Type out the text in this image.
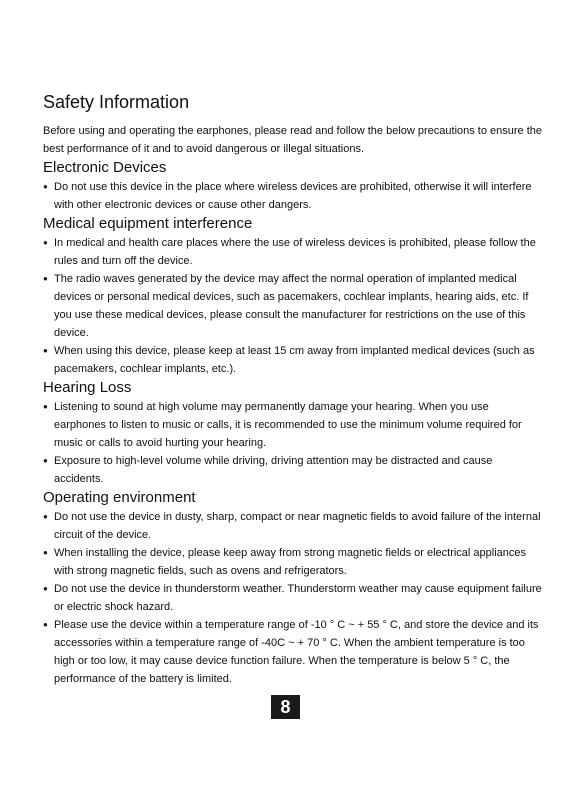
Safety Information

Before using and operating the earphones, please read and follow the below precautions to ensure the best performance of it and to avoid dangerous or illegal situations.

Electronic Devices
● Do not use this device in the place where wireless devices are prohibited, otherwise it will interfere with other electronic devices or cause other dangers.
Medical equipment interference
● In medical and health care places where the use of wireless devices is prohibited, please follow the rules and turn off the device.
● The radio waves generated by the device may affect the normal operation of implanted medical devices or personal medical devices, such as pacemakers, cochlear implants, hearing aids, etc. If you use these medical devices, please consult the manufacturer for restrictions on the use of this device.
● When using this device, please keep at least 15 cm away from implanted medical devices (such as pacemakers, cochlear implants, etc.).
Hearing Loss
● Listening to sound at high volume may permanently damage your hearing. When you use earphones to listen to music or calls, it is recommended to use the minimum volume required for music or calls to avoid hurting your hearing.
● Exposure to high-level volume while driving, driving attention may be distracted and cause accidents.
Operating environment
● Do not use the device in dusty, sharp, compact or near magnetic fields to avoid failure of the internal circuit of the device.
● When installing the device, please keep away from strong magnetic fields or electrical appliances with strong magnetic fields, such as ovens and refrigerators.
● Do not use the device in thunderstorm weather. Thunderstorm weather may cause equipment failure or electric shock hazard.
● Please use the device within a temperature range of -10 ° C ~ + 55 ° C, and store the device and its accessories within a temperature range of -40C ~ + 70 ° C. When the ambient temperature is too high or too low, it may cause device function failure. When the temperature is below 5 ° C, the performance of the battery is limited.
8
